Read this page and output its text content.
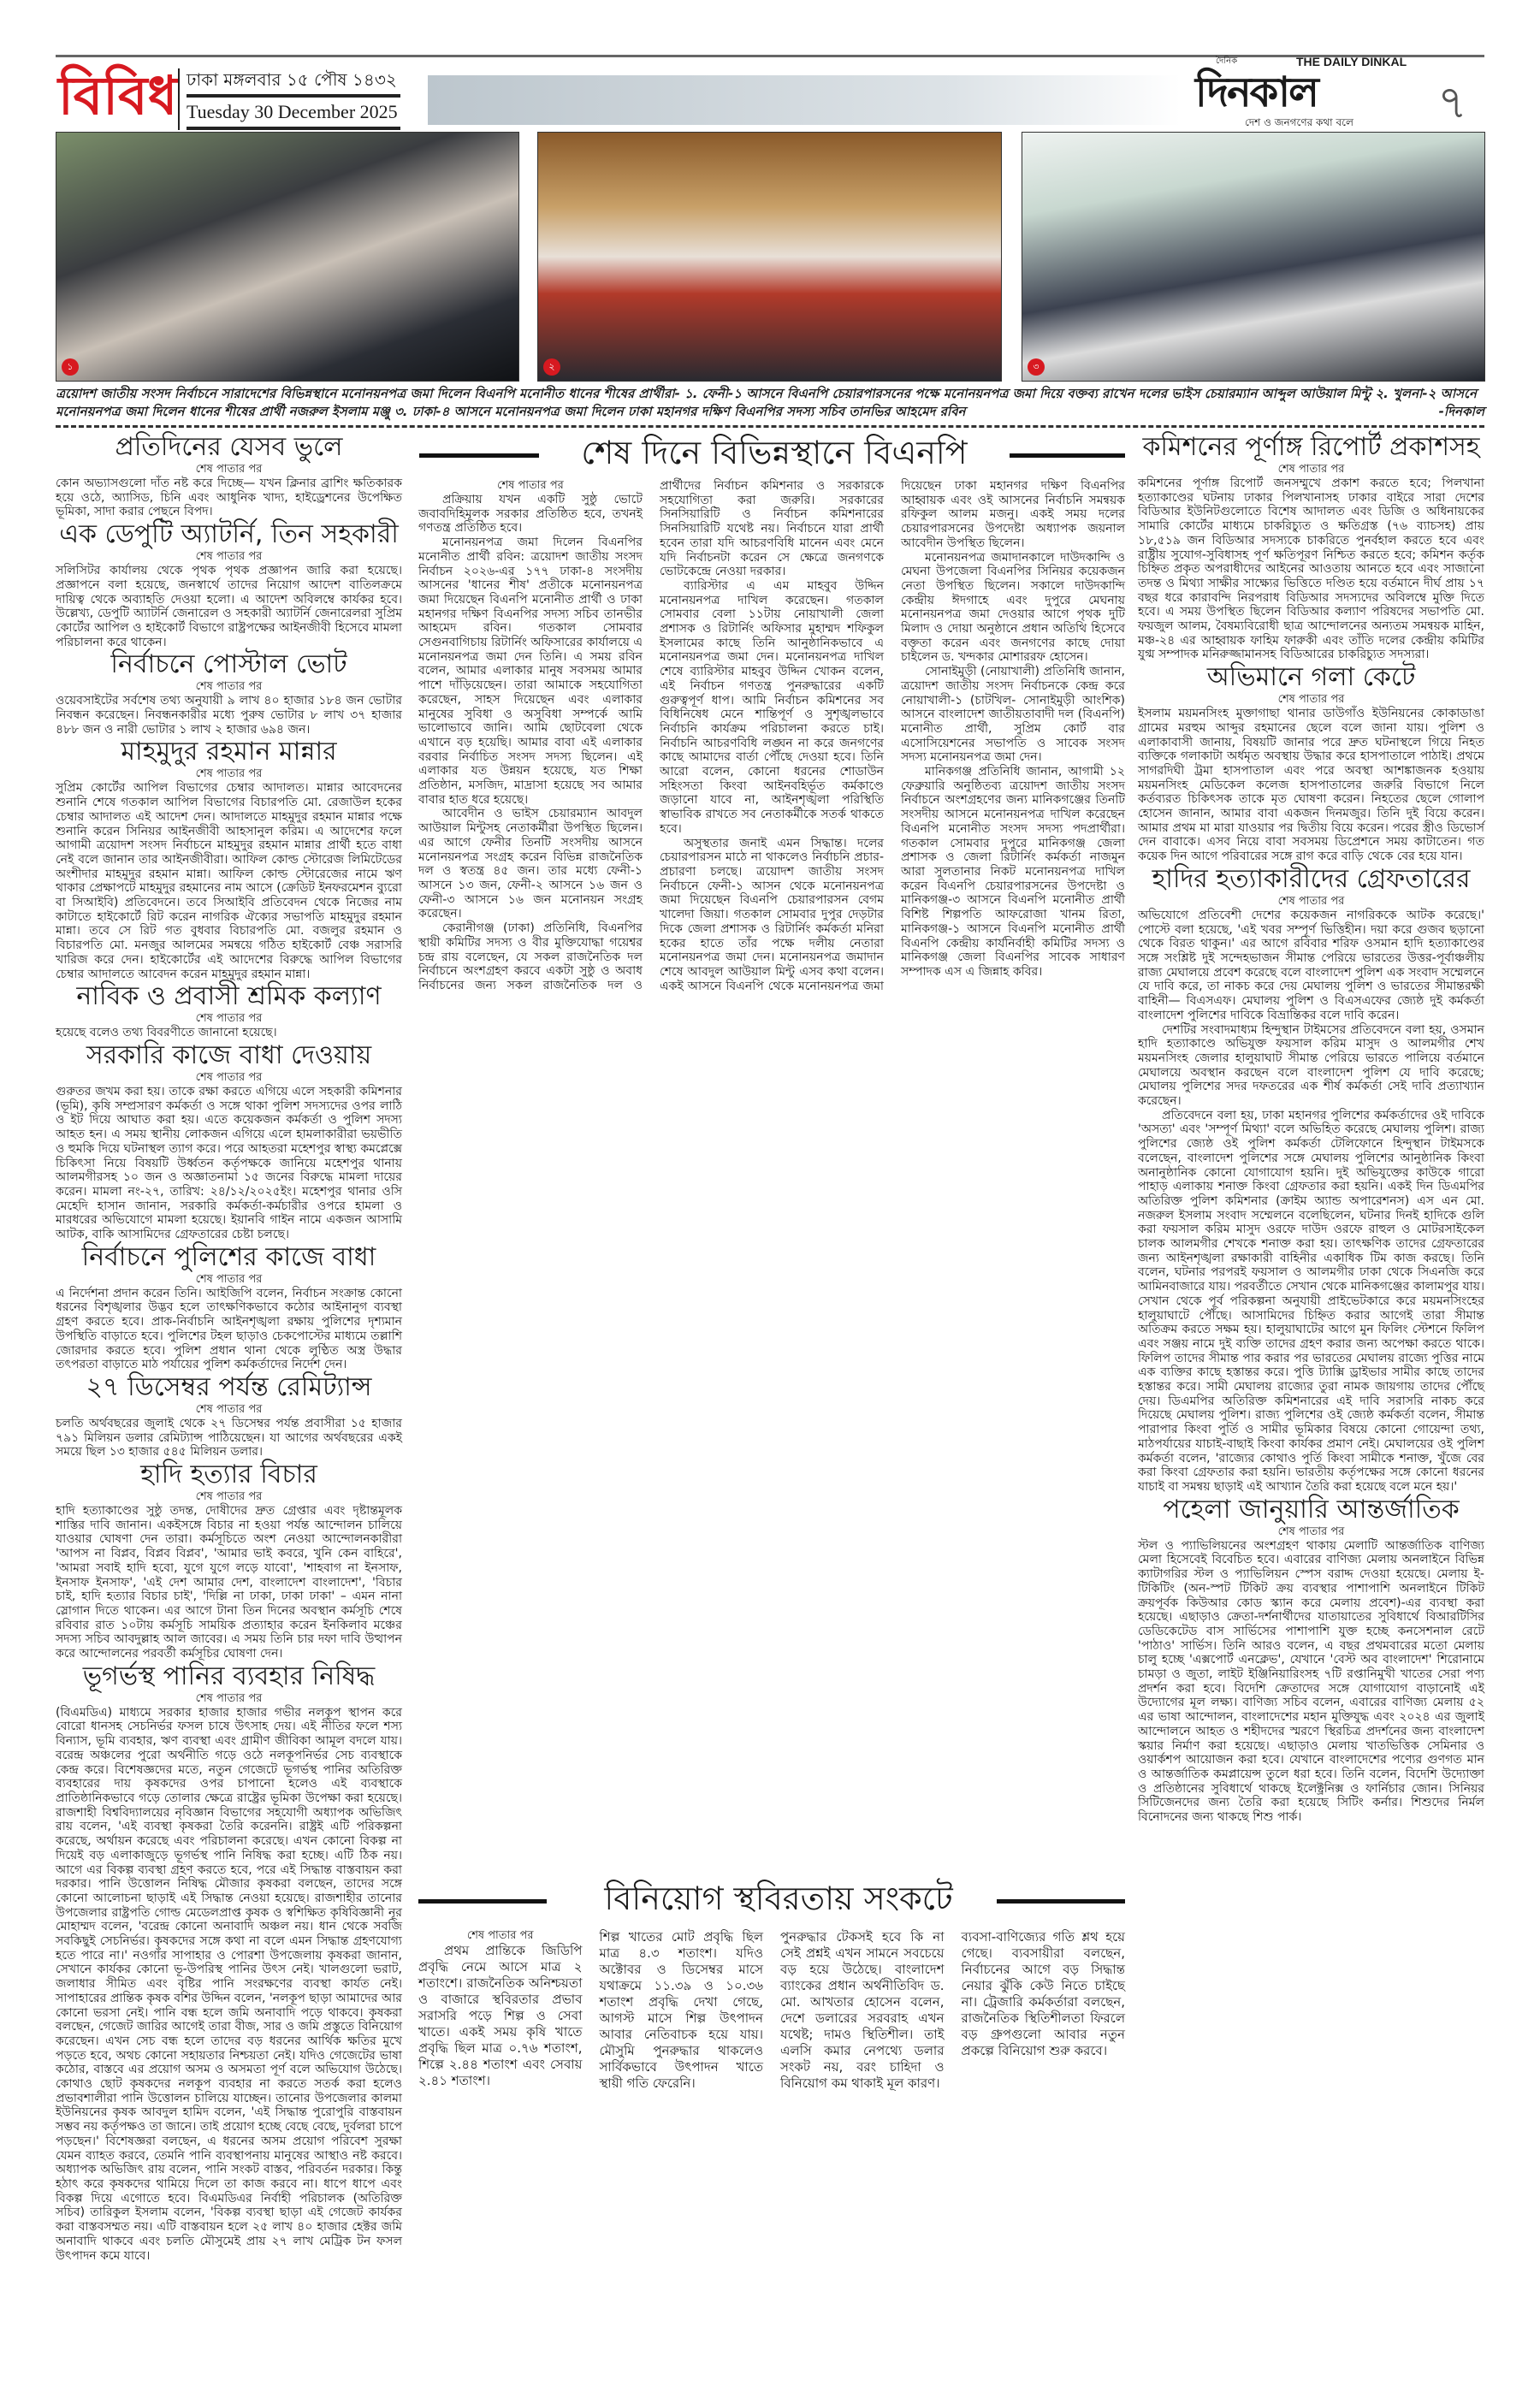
বিবিধ ঢাকা মঙ্গলবার ১৫ পৌষ ১৪৩২
Tuesday 30 December 2025
দৈনিক	THE DAILY DINKAL
দিনকাল
দেশ ও জনগণের কথা বলে ৭
১	২	৩
ত্রয়োদশ জাতীয় সংসদ নির্বাচনে সারাদেশের বিভিন্নস্থানে মনোনয়নপত্র জমা দিলেন বিএনপি মনোনীত ধানের শীষের প্রার্থীরা- ১. ফেনী-১ আসনে বিএনপি চেয়ারপারসনের পক্ষে মনোনয়নপত্র জমা দিয়ে বক্তব্য রাখেন দলের ভাইস চেয়ারম্যান আব্দুল আউয়াল মিন্টু ২. খুলনা-২ আসনে মনোনয়নপত্র জমা দিলেন ধানের শীষের প্রার্থী নজরুল ইসলাম মঞ্জু ৩. ঢাকা-৪ আসনে মনোনয়নপত্র জমা দিলেন ঢাকা মহানগর দক্ষিণ বিএনপির সদস্য সচিব তানভির আহমেদ রবিন	-দিনকাল
প্রতিদিনের যেসব ভুলে
শেষ পাতার পর

কোন অভ্যাসগুলো দাঁত নষ্ট করে দিচ্ছে— যখন ক্লিনার ব্রাশিং ক্ষতিকারক হয়ে ওঠে, অ্যাসিড, চিনি এবং আধুনিক খাদ্য, হাইড্রেশনের উপেক্ষিত ভূমিকা, সাদা করার পেছনে বিপদ।

এক ডেপুটি অ্যাটর্নি, তিন সহকারী
শেষ পাতার পর

সলিসিটর কার্যালয় থেকে পৃথক পৃথক প্রজ্ঞাপন জারি করা হয়েছে। প্রজ্ঞাপনে বলা হয়েছে, জনস্বার্থে তাদের নিয়োগ আদেশ বাতিলক্রমে দায়িত্ব থেকে অব্যাহতি দেওয়া হলো। এ আদেশ অবিলম্বে কার্যকর হবে। উল্লেখ্য, ডেপুটি অ্যাটর্নি জেনারেল ও সহকারী অ্যাটর্নি জেনারেলরা সুপ্রিম কোর্টের আপিল ও হাইকোর্ট বিভাগে রাষ্ট্রপক্ষের আইনজীবী হিসেবে মামলা পরিচালনা করে থাকেন।

নির্বাচনে পোস্টাল ভোট
শেষ পাতার পর

ওয়েবসাইটের সর্বশেষ তথ্য অনুযায়ী ৯ লাখ ৪০ হাজার ১৮৪ জন ভোটার নিবন্ধন করেছেন। নিবন্ধনকারীর মধ্যে পুরুষ ভোটার ৮ লাখ ৩৭ হাজার ৪৮৮ জন ও নারী ভোটার ১ লাখ ২ হাজার ৬৯৪ জন।

মাহমুদুর রহমান মান্নার
শেষ পাতার পর

সুপ্রিম কোর্টের আপিল বিভাগের চেম্বার আদালত। মান্নার আবেদনের শুনানি শেষে গতকাল আপিল বিভাগের বিচারপতি মো. রেজাউল হকের চেম্বার আদালত এই আদেশ দেন। আদালতে মাহমুদুর রহমান মান্নার পক্ষে শুনানি করেন সিনিয়র আইনজীবী আহসানুল করিম। এ আদেশের ফলে আগামী ত্রয়োদশ সংসদ নির্বাচনে মাহমুদুর রহমান মান্নার প্রার্থী হতে বাধা নেই বলে জানান তার আইনজীবীরা। আফিল কোল্ড স্টোরেজ লিমিটেডের অংশীদার মাহমুদুর রহমান মান্না। আফিল কোল্ড স্টোরেজের নামে ঋণ থাকার প্রেক্ষাপটে মাহমুদুর রহমানের নাম আসে (ক্রেডিট ইনফরমেশন ব্যুরো বা সিআইবি) প্রতিবেদনে। তবে সিআইবি প্রতিবেদন থেকে নিজের নাম কাটাতে হাইকোর্টে রিট করেন নাগরিক ঐক্যের সভাপতি মাহমুদুর রহমান মান্না। তবে সে রিট গত বুধবার বিচারপতি মো. বজলুর রহমান ও বিচারপতি মো. মনজুর আলমের সমন্বয়ে গঠিত হাইকোর্ট বেঞ্চ সরাসরি খারিজ করে দেন। হাইকোর্টের এই আদেশের বিরুদ্ধে আপিল বিভাগের চেম্বার আদালতে আবেদন করেন মাহমুদুর রহমান মান্না।

নাবিক ও প্রবাসী শ্রমিক কল্যাণ
শেষ পাতার পর

হয়েছে বলেও তথ্য বিবরণীতে জানানো হয়েছে।

সরকারি কাজে বাধা দেওয়ায়
শেষ পাতার পর

গুরুতর জখম করা হয়। তাকে রক্ষা করতে এগিয়ে এলে সহকারী কমিশনার (ভূমি), কৃষি সম্প্রসারণ কর্মকর্তা ও সঙ্গে থাকা পুলিশ সদস্যদের ওপর লাঠি ও ইট দিয়ে আঘাত করা হয়। এতে কয়েকজন কর্মকর্তা ও পুলিশ সদস্য আহত হন। এ সময় স্থানীয় লোকজন এগিয়ে এলে হামলাকারীরা ভয়ভীতি ও হুমকি দিয়ে ঘটনাস্থল ত্যাগ করে। পরে আহতরা মহেশপুর স্বাস্থ্য কমপ্লেক্সে চিকিৎসা নিয়ে বিষয়টি উর্ধ্বতন কর্তৃপক্ষকে জানিয়ে মহেশপুর থানায় আলমগীরসহ ১০ জন ও অজ্ঞাতনামা ১৫ জনের বিরুদ্ধে মামলা দায়ের করেন। মামলা নং-২৭, তারিখ: ২৪/১২/২০২৫ইং। মহেশপুর থানার ওসি মেহেদি হাসান জানান, সরকারি কর্মকর্তা-কর্মচারীর ওপরে হামলা ও মারধরের অভিযোগে মামলা হয়েছে। ইয়ানবি গাইন নামে একজন আসামি আটক, বাকি আসামিদের গ্রেফতারের চেষ্টা চলছে।

নির্বাচনে পুলিশের কাজে বাধা
শেষ পাতার পর

এ নির্দেশনা প্রদান করেন তিনি। আইজিপি বলেন, নির্বাচন সংক্রান্ত কোনো ধরনের বিশৃঙ্খলার উদ্ভব হলে তাৎক্ষণিকভাবে কঠোর আইনানুগ ব্যবস্থা গ্রহণ করতে হবে। প্রাক-নির্বাচনি আইনশৃঙ্খলা রক্ষায় পুলিশের দৃশ্যমান উপস্থিতি বাড়াতে হবে। পুলিশের টহল ছাড়াও চেকপোস্টের মাধ্যমে তল্লাশি জোরদার করতে হবে। পুলিশ প্রধান থানা থেকে লুণ্ঠিত অস্ত্র উদ্ধার তৎপরতা বাড়াতে মাঠ পর্যায়ের পুলিশ কর্মকর্তাদের নির্দেশ দেন।

২৭ ডিসেম্বর পর্যন্ত রেমিট্যান্স
শেষ পাতার পর

চলতি অর্থবছরের জুলাই থেকে ২৭ ডিসেম্বর পর্যন্ত প্রবাসীরা ১৫ হাজার ৭৯১ মিলিয়ন ডলার রেমিট্যান্স পাঠিয়েছেন। যা আগের অর্থবছরের একই সময়ে ছিল ১৩ হাজার ৫৪৫ মিলিয়ন ডলার।

হাদি হত্যার বিচার
শেষ পাতার পর

হাদি হত্যাকাণ্ডের সুষ্ঠু তদন্ত, দোষীদের দ্রুত গ্রেপ্তার এবং দৃষ্টান্তমূলক শাস্তির দাবি জানান। একইসঙ্গে বিচার না হওয়া পর্যন্ত আন্দোলন চালিয়ে যাওয়ার ঘোষণা দেন তারা। কর্মসূচিতে অংশ নেওয়া আন্দোলনকারীরা 'আপস না বিপ্লব, বিপ্লব বিপ্লব', 'আমার ভাই কবরে, খুনি কেন বাহিরে', 'আমরা সবাই হাদি হবো, যুগে যুগে লড়ে যাবো', 'শাহবাগ না ইনসাফ, ইনসাফ ইনসাফ', 'এই দেশ আমার দেশ, বাংলাদেশ বাংলাদেশ', 'বিচার চাই, হাদি হত্যার বিচার চাই', 'দিল্লি না ঢাকা, ঢাকা ঢাকা' – এমন নানা স্লোগান দিতে থাকেন। এর আগে টানা তিন দিনের অবস্থান কর্মসূচি শেষে রবিবার রাত ১০টায় কর্মসূচি সাময়িক প্রত্যাহার করেন ইনকিলাব মঞ্চের সদস্য সচিব আবদুল্লাহ আল জাবের। এ সময় তিনি চার দফা দাবি উত্থাপন করে আন্দোলনের পরবর্তী কর্মসূচির ঘোষণা দেন।

ভূগর্ভস্থ পানির ব্যবহার নিষিদ্ধ
শেষ পাতার পর

(বিএমডিএ) মাধ্যমে সরকার হাজার হাজার গভীর নলকূপ স্থাপন করে বোরো ধানসহ সেচনির্ভর ফসল চাষে উৎসাহ দেয়। এই নীতির ফলে শস্য বিন্যাস, ভূমি ব্যবহার, ঋণ ব্যবস্থা এবং গ্রামীণ জীবিকা আমূল বদলে যায়। বরেন্দ্র অঞ্চলের পুরো অর্থনীতি গড়ে ওঠে নলকূপনির্ভর সেচ ব্যবস্থাকে কেন্দ্র করে। বিশেষজ্ঞদের মতে, নতুন গেজেটে ভূগর্ভস্থ পানির অতিরিক্ত ব্যবহারের দায় কৃষকদের ওপর চাপানো হলেও এই ব্যবস্থাকে প্রাতিষ্ঠানিকভাবে গড়ে তোলার ক্ষেত্রে রাষ্ট্রের ভূমিকা উপেক্ষা করা হয়েছে। রাজশাহী বিশ্ববিদ্যালয়ের নৃবিজ্ঞান বিভাগের সহযোগী অধ্যাপক অভিজিৎ রায় বলেন, 'এই ব্যবস্থা কৃষকরা তৈরি করেননি। রাষ্ট্রই এটি পরিকল্পনা করেছে, অর্থায়ন করেছে এবং পরিচালনা করেছে। এখন কোনো বিকল্প না দিয়েই বড় এলাকাজুড়ে ভূগর্ভস্থ পানি নিষিদ্ধ করা হচ্ছে। এটি ঠিক নয়। আগে এর বিকল্প ব্যবস্থা গ্রহণ করতে হবে, পরে এই সিদ্ধান্ত বাস্তবায়ন করা দরকার। পানি উত্তোলন নিষিদ্ধ মৌজার কৃষকরা বলছেন, তাদের সঙ্গে কোনো আলোচনা ছাড়াই এই সিদ্ধান্ত নেওয়া হয়েছে। রাজশাহীর তানোর উপজেলার রাষ্ট্রপতি গোল্ড মেডেলপ্রাপ্ত কৃষক ও স্বশিক্ষিত কৃষিবিজ্ঞানী নূর মোহাম্মদ বলেন, 'বরেন্দ্র কোনো অনাবাদি অঞ্চল নয়। ধান থেকে সবজি সবকিছুই সেচনির্ভর। কৃষকদের সঙ্গে কথা না বলে এমন সিদ্ধান্ত গ্রহণযোগ্য হতে পারে না।' নওগাঁর সাপাহার ও পোরশা উপজেলায় কৃষকরা জানান, সেখানে কার্যকর কোনো ভূ-উপরিস্থ পানির উৎস নেই। খালগুলো ভরাট, জলাধার সীমিত এবং বৃষ্টির পানি সংরক্ষণের ব্যবস্থা কার্যত নেই। সাপাহারের প্রান্তিক কৃষক বশির উদ্দিন বলেন, 'নলকূপ ছাড়া আমাদের আর কোনো ভরসা নেই। পানি বন্ধ হলে জমি অনাবাদি পড়ে থাকবে। কৃষকরা বলছেন, গেজেট জারির আগেই তারা বীজ, সার ও জমি প্রস্তুতে বিনিয়োগ করেছেন। এখন সেচ বন্ধ হলে তাদের বড় ধরনের আর্থিক ক্ষতির মুখে পড়তে হবে, অথচ কোনো সহায়তার নিশ্চয়তা নেই। যদিও গেজেটের ভাষা কঠোর, বাস্তবে এর প্রয়োগ অসম ও অসমতা পূর্ণ বলে অভিযোগ উঠেছে। কোথাও ছোট কৃষকদের নলকূপ ব্যবহার না করতে সতর্ক করা হলেও প্রভাবশালীরা পানি উত্তোলন চালিয়ে যাচ্ছেন। তানোর উপজেলার কালমা ইউনিয়নের কৃষক আবদুল হামিদ বলেন, 'এই সিদ্ধান্ত পুরোপুরি বাস্তবায়ন সম্ভব নয় কর্তৃপক্ষও তা জানে। তাই প্রয়োগ হচ্ছে বেছে বেছে, দুর্বলরা চাপে পড়ছেন।' বিশেষজ্ঞরা বলছেন, এ ধরনের অসম প্রয়োগ পরিবেশ সুরক্ষা যেমন ব্যাহত করবে, তেমনি পানি ব্যবস্থাপনায় মানুষের আস্থাও নষ্ট করবে। অধ্যাপক অভিজিৎ রায় বলেন, পানি সংকট বাস্তব, পরিবর্তন দরকার। কিন্তু হঠাৎ করে কৃষকদের থামিয়ে দিলে তা কাজ করবে না। ধাপে ধাপে এবং বিকল্প দিয়ে এগোতে হবে। বিএমডিএর নির্বাহী পরিচালক (অতিরিক্ত সচিব) তারিকুল ইসলাম বলেন, 'বিকল্প ব্যবস্থা ছাড়া এই গেজেট কার্যকর করা বাস্তবসম্মত নয়। এটি বাস্তবায়ন হলে ২৫ লাখ ৪০ হাজার হেক্টর জমি অনাবাদি থাকবে এবং চলতি মৌসুমেই প্রায় ২৭ লাখ মেট্রিক টন ফসল উৎপাদন কমে যাবে।

শেষ দিনে বিভিন্নস্থানে বিএনপি
শেষ পাতার পর

প্রক্রিয়ায় যখন একটি সুষ্ঠু ভোটে জবাবদিহিমূলক সরকার প্রতিষ্ঠিত হবে, তখনই গণতন্ত্র প্রতিষ্ঠিত হবে।

মনোনয়নপত্র জমা দিলেন বিএনপির মনোনীত প্রার্থী রবিন: ত্রয়োদশ জাতীয় সংসদ নির্বাচন ২০২৬-এর ১৭৭ ঢাকা-৪ সংসদীয় আসনের 'ধানের শীষ' প্রতীকে মনোনয়নপত্র জমা দিয়েছেন বিএনপি মনোনীত প্রার্থী ও ঢাকা মহানগর দক্ষিণ বিএনপির সদস্য সচিব তানভীর আহমেদ রবিন। গতকাল সোমবার সেগুনবাগিচায় রিটার্নিং অফিসারের কার্যালয়ে এ মনোনয়নপত্র জমা দেন তিনি। এ সময় রবিন বলেন, আমার এলাকার মানুষ সবসময় আমার পাশে দাঁড়িয়েছেন। তারা আমাকে সহযোগিতা করেছেন, সাহস দিয়েছেন এবং এলাকার মানুষের সুবিধা ও অসুবিধা সম্পর্কে আমি ভালোভাবে জানি। আমি ছোটবেলা থেকে এখানে বড় হয়েছি। আমার বাবা এই এলাকার বরবার নির্বাচিত সংসদ সদস্য ছিলেন। এই এলাকার যত উন্নয়ন হয়েছে, যত শিক্ষা প্রতিষ্ঠান, মসজিদ, মাদ্রাসা হয়েছে সব আমার বাবার হাত ধরে হয়েছে।

আবেদীন ও ভাইস চেয়ারম্যান আবদুল আউয়াল মিন্টুসহ নেতাকর্মীরা উপস্থিত ছিলেন। এর আগে ফেনীর তিনটি সংসদীয় আসনে মনোনয়নপত্র সংগ্রহ করেন বিভিন্ন রাজনৈতিক দল ও স্বতন্ত্র ৪৫ জন। তার মধ্যে ফেনী-১ আসনে ১৩ জন, ফেনী-২ আসনে ১৬ জন ও ফেনী-৩ আসনে ১৬ জন মনোনয়ন সংগ্রহ করেছেন।

কেরানীগঞ্জ (ঢাকা) প্রতিনিধি, বিএনপির স্থায়ী কমিটির সদস্য ও বীর মুক্তিযোদ্ধা গয়েশ্বর চন্দ্র রায় বলেছেন, যে সকল রাজনৈতিক দল নির্বাচনে অংশগ্রহণ করবে একটা সুষ্ঠু ও অবাধ নির্বাচনের জন্য সকল রাজনৈতিক দল ও প্রার্থীদের নির্বাচন কমিশনার ও সরকারকে সহযোগিতা করা জরুরি। সরকারের সিনসিয়ারিটি ও নির্বাচন কমিশনারের সিনসিয়ারিটি যথেষ্ট নয়। নির্বাচনে যারা প্রার্থী হবেন তারা যদি আচরণবিধি মানেন এবং মেনে যদি নির্বাচনটা করেন সে ক্ষেত্রে জনগণকে ভোটকেন্দ্রে নেওয়া দরকার।

ব্যারিস্টার এ এম মাহবুব উদ্দিন মনোনয়নপত্র দাখিল করেছেন। গতকাল সোমবার বেলা ১১টায় নোয়াখালী জেলা প্রশাসক ও রিটার্নিং অফিসার মুহাম্মদ শফিকুল ইসলামের কাছে তিনি আনুষ্ঠানিকভাবে এ মনোনয়নপত্র জমা দেন। মনোনয়নপত্র দাখিল শেষে ব্যারিস্টার মাহবুব উদ্দিন খোকন বলেন, এই নির্বাচন গণতন্ত্র পুনরুদ্ধারের একটি গুরুত্বপূর্ণ ধাপ। আমি নির্বাচন কমিশনের সব বিধিনিষেধ মেনে শান্তিপূর্ণ ও সুশৃঙ্খলভাবে নির্বাচনি কার্যক্রম পরিচালনা করতে চাই। নির্বাচনি আচরণবিধি লঙ্ঘন না করে জনগণের কাছে আমাদের বার্তা পৌঁছে দেওয়া হবে। তিনি আরো বলেন, কোনো ধরনের শোডাউন সহিংসতা কিংবা আইনবহির্ভূত কর্মকাণ্ডে জড়ানো যাবে না, আইনশৃঙ্খলা পরিস্থিতি স্বাভাবিক রাখতে সব নেতাকর্মীকে সতর্ক থাকতে হবে।

অসুস্থতার জনাই এমন সিদ্ধান্ত। দলের চেয়ারপারসন মাঠে না থাকলেও নির্বাচনি প্রচার-প্রচারণা চলছে। ত্রয়োদশ জাতীয় সংসদ নির্বাচনে ফেনী-১ আসন থেকে মনোনয়নপত্র জমা দিয়েছেন বিএনপি চেয়ারপারসন বেগম খালেদা জিয়া। গতকাল সোমবার দুপুর দেড়টার দিকে জেলা প্রশাসক ও রিটার্নিং কর্মকর্তা মনিরা হকের হাতে তাঁর পক্ষে দলীয় নেতারা মনোনয়নপত্র জমা দেন। মনোনয়নপত্র জমাদান শেষে আবদুল আউয়াল মিন্টু এসব কথা বলেন। একই আসনে বিএনপি থেকে মনোনয়নপত্র জমা দিয়েছেন ঢাকা মহানগর দক্ষিণ বিএনপির আহ্বায়ক এবং ওই আসনের নির্বাচনি সমন্বয়ক রফিকুল আলম মজনু। একই সময় দলের চেয়ারপারসনের উপদেষ্টা অধ্যাপক জয়নাল আবেদীন উপস্থিত ছিলেন।

মনোনয়নপত্র জমাদানকালে দাউদকান্দি ও মেঘনা উপজেলা বিএনপির সিনিয়র কয়েকজন নেতা উপস্থিত ছিলেন। সকালে দাউদকান্দি কেন্দ্রীয় ঈদগাহে এবং দুপুরে মেঘনায় মনোনয়নপত্র জমা দেওয়ার আগে পৃথক দুটি মিলাদ ও দোয়া অনুষ্ঠানে প্রধান অতিথি হিসেবে বক্তৃতা করেন এবং জনগণের কাছে দোয়া চাইলেন ড. খন্দকার মোশাররফ হোসেন।

সোনাইমুড়ী (নোয়াখালী) প্রতিনিধি জানান, ত্রয়োদশ জাতীয় সংসদ নির্বাচনকে কেন্দ্র করে নোয়াখালী-১ (চাটখিল- সোনাইমুড়ী আংশিক) আসনে বাংলাদেশ জাতীয়তাবাদী দল (বিএনপি) মনোনীত প্রার্থী, সুপ্রিম কোর্ট বার এসোসিয়েশনের সভাপতি ও সাবেক সংসদ সদস্য মনোনয়নপত্র জমা দেন।

মানিকগঞ্জ প্রতিনিধি জানান, আগামী ১২ ফেব্রুয়ারি অনুষ্ঠিতব্য ত্রয়োদশ জাতীয় সংসদ নির্বাচনে অংশগ্রহণের জন্য মানিকগঞ্জের তিনটি সংসদীয় আসনে মনোনয়নপত্র দাখিল করেছেন বিএনপি মনোনীত সংসদ সদস্য পদপ্রার্থীরা। গতকাল সোমবার দুপুরে মানিকগঞ্জ জেলা প্রশাসক ও জেলা রিটার্নিং কর্মকর্তা নাজমুন আরা সুলতানার নিকট মনোনয়নপত্র দাখিল করেন বিএনপি চেয়ারপারসনের উপদেষ্টা ও মানিকগঞ্জ-৩ আসনে বিএনপি মনোনীত প্রার্থী বিশিষ্ট শিল্পপতি আফরোজা খানম রিতা, মানিকগঞ্জ-১ আসনে বিএনপি মনোনীত প্রার্থী বিএনপি কেন্দ্রীয় কার্যনির্বাহী কমিটির সদস্য ও মানিকগঞ্জ জেলা বিএনপির সাবেক সাধারণ সম্পাদক এস এ জিন্নাহ কবির।

বিনিয়োগ স্থবিরতায় সংকটে
শেষ পাতার পর

প্রথম প্রান্তিকে জিডিপি প্রবৃদ্ধি নেমে আসে মাত্র ২ শতাংশে। রাজনৈতিক অনিশ্চয়তা ও বাজারে স্থবিরতার প্রভাব সরাসরি পড়ে শিল্প ও সেবা খাতে। একই সময় কৃষি খাতে প্রবৃদ্ধি ছিল মাত্র ০.৭৬ শতাংশ, শিল্পে ২.৪৪ শতাংশ এবং সেবায় ২.৪১ শতাংশ।

শিল্প খাতের মোট প্রবৃদ্ধি ছিল মাত্র ৪.৩ শতাংশ। যদিও অক্টোবর ও ডিসেম্বর মাসে যথাক্রমে ১১.৩৯ ও ১০.৩৬ শতাংশ প্রবৃদ্ধি দেখা গেছে, আগস্ট মাসে শিল্প উৎপাদন আবার নেতিবাচক হয়ে যায়। মৌসুমি পুনরুদ্ধার থাকলেও সার্বিকভাবে উৎপাদন খাতে স্থায়ী গতি ফেরেনি।

পুনরুদ্ধার টেকসই হবে কি না সেই প্রশ্নই এখন সামনে সবচেয়ে বড় হয়ে উঠেছে। বাংলাদেশ ব্যাংকের প্রধান অর্থনীতিবিদ ড. মো. আখতার হোসেন বলেন, দেশে ডলারের সরবরাহ এখন যথেষ্ট; দামও স্থিতিশীল। তাই এলসি কমার নেপথ্যে ডলার সংকট নয়, বরং চাহিদা ও বিনিয়োগ কম থাকাই মূল কারণ।

ব্যবসা-বাণিজ্যের গতি শ্লথ হয়ে গেছে। ব্যবসায়ীরা বলছেন, নির্বাচনের আগে বড় সিদ্ধান্ত নেয়ার ঝুঁকি কেউ নিতে চাইছে না। ট্রেজারি কর্মকর্তারা বলছেন, রাজনৈতিক স্থিতিশীলতা ফিরলে বড় গ্রুপগুলো আবার নতুন প্রকল্পে বিনিয়োগ শুরু করবে।

কমিশনের পূর্ণাঙ্গ রিপোর্ট প্রকাশসহ
শেষ পাতার পর

কমিশনের পূর্ণাঙ্গ রিপোর্ট জনসম্মুখে প্রকাশ করতে হবে; পিলখানা হত্যাকাণ্ডের ঘটনায় ঢাকার পিলখানাসহ ঢাকার বাইরে সারা দেশের বিডিআর ইউনিটগুলোতে বিশেষ আদালত এবং ডিজি ও অধিনায়কের সামারি কোর্টের মাধ্যমে চাকরিচ্যুত ও ক্ষতিগ্রস্ত (৭৬ ব্যাচসহ) প্রায় ১৮,৫১৯ জন বিডিআর সদস্যকে চাকরিতে পুনর্বহাল করতে হবে এবং রাষ্ট্রীয় সুযোগ-সুবিধাসহ পূর্ণ ক্ষতিপূরণ নিশ্চিত করতে হবে; কমিশন কর্তৃক চিহ্নিত প্রকৃত অপরাধীদের আইনের আওতায় আনতে হবে এবং সাজানো তদন্ত ও মিথ্যা সাক্ষীর সাক্ষ্যের ভিত্তিতে দণ্ডিত হয়ে বর্তমানে দীর্ঘ প্রায় ১৭ বছর ধরে কারাবন্দি নিরপরাধ বিডিআর সদস্যদের অবিলম্বে মুক্তি দিতে হবে। এ সময় উপস্থিত ছিলেন বিডিআর কল্যাণ পরিষদের সভাপতি মো. ফয়জুল আলম, বৈষম্যবিরোধী ছাত্র আন্দোলনের অন্যতম সমন্বয়ক মাহিন, মঞ্চ-২৪ এর আহ্বায়ক ফাহিম ফারুকী এবং তাঁতি দলের কেন্দ্রীয় কমিটির যুগ্ম সম্পাদক মনিরুজ্জামানসহ বিডিআরের চাকরিচ্যুত সদস্যরা।

অভিমানে গলা কেটে
শেষ পাতার পর

ইসলাম ময়মনসিংহ মুক্তাগাছা থানার ডাউগাঁও ইউনিয়নের কোকাডাঙা গ্রামের মরহুম আব্দুর রহমানের ছেলে বলে জানা যায়। পুলিশ ও এলাকাবাসী জানায়, বিষয়টি জানার পরে দ্রুত ঘটনাস্থলে গিয়ে নিহত ব্যক্তিকে গলাকাটা অর্ধমৃত অবস্থায় উদ্ধার করে হাসপাতালে পাঠাই। প্রথমে সাগরদিঘী ট্রমা হাসপাতাল এবং পরে অবস্থা আশঙ্কাজনক হওয়ায় ময়মনসিংহ মেডিকেল কলেজ হাসপাতালের জরুরি বিভাগে নিলে কর্তব্যরত চিকিৎসক তাকে মৃত ঘোষণা করেন। নিহতের ছেলে গোলাপ হোসেন জানান, আমার বাবা একজন দিনমজুর। তিনি দুই বিয়ে করেন। আমার প্রথম মা মারা যাওয়ার পর দ্বিতীয় বিয়ে করেন। পরের স্ত্রীও ডিভোর্স দেন বাবাকে। এসব নিয়ে বাবা সবসময় ডিপ্রেশনে সময় কাটাতেন। গত কয়েক দিন আগে পরিবারের সঙ্গে রাগ করে বাড়ি থেকে বের হয়ে যান।

হাদির হত্যাকারীদের গ্রেফতারের
শেষ পাতার পর

অভিযোগে প্রতিবেশী দেশের কয়েকজন নাগরিককে আটক করেছে।' পোস্টে বলা হয়েছে, 'এই খবর সম্পূর্ণ ভিত্তিহীন। দয়া করে গুজব ছড়ানো থেকে বিরত থাকুন।' এর আগে রবিবার শরিফ ওসমান হাদি হত্যাকাণ্ডের সঙ্গে সংশ্লিষ্ট দুই সন্দেহভাজন সীমান্ত পেরিয়ে ভারতের উত্তর-পূর্বাঞ্চলীয় রাজ্য মেঘালয়ে প্রবেশ করেছে বলে বাংলাদেশ পুলিশ এক সংবাদ সম্মেলনে যে দাবি করে, তা নাকচ করে দেয় মেঘালয় পুলিশ ও ভারতের সীমান্তরক্ষী বাহিনী— বিএসএফ। মেঘালয় পুলিশ ও বিএসএফের জ্যেষ্ঠ দুই কর্মকর্তা বাংলাদেশ পুলিশের দাবিকে বিভ্রান্তিকর বলে দাবি করেন।

দেশটির সংবাদমাধ্যম হিন্দুস্থান টাইমসের প্রতিবেদনে বলা হয়, ওসমান হাদি হত্যাকাণ্ডে অভিযুক্ত ফয়সাল করিম মাসুদ ও আলমগীর শেখ ময়মনসিংহ জেলার হালুয়াঘাট সীমান্ত পেরিয়ে ভারতে পালিয়ে বর্তমানে মেঘালয়ে অবস্থান করছেন বলে বাংলাদেশ পুলিশ যে দাবি করেছে; মেঘালয় পুলিশের সদর দফতরের এক শীর্ষ কর্মকর্তা সেই দাবি প্রত্যাখ্যান করেছেন।

প্রতিবেদনে বলা হয়, ঢাকা মহানগর পুলিশের কর্মকর্তাদের ওই দাবিকে 'অসত্য' এবং 'সম্পূর্ণ মিথ্যা' বলে অভিহিত করেছে মেঘালয় পুলিশ। রাজ্য পুলিশের জ্যেষ্ঠ ওই পুলিশ কর্মকর্তা টেলিফোনে হিন্দুস্থান টাইমসকে বলেছেন, বাংলাদেশ পুলিশের সঙ্গে মেঘালয় পুলিশের আনুষ্ঠানিক কিংবা অনানুষ্ঠানিক কোনো যোগাযোগ হয়নি। দুই অভিযুক্তের কাউকে গারো পাহাড় এলাকায় শনাক্ত কিংবা গ্রেফতার করা হয়নি। একই দিন ডিএমপির অতিরিক্ত পুলিশ কমিশনার (ক্রাইম অ্যান্ড অপারেশনস) এস এন মো. নজরুল ইসলাম সংবাদ সম্মেলনে বলেছিলেন, ঘটনার দিনই হাদিকে গুলি করা ফয়সাল করিম মাসুদ ওরফে দাউদ ওরফে রাহুল ও মোটরসাইকেল চালক আলমগীর শেখকে শনাক্ত করা হয়। তাৎক্ষণিক তাদের গ্রেফতারের জন্য আইনশৃঙ্খলা রক্ষাকারী বাহিনীর একাধিক টিম কাজ করছে। তিনি বলেন, ঘটনার পরপরই ফয়সাল ও আলমগীর ঢাকা থেকে সিএনজি করে আমিনবাজারে যায়। পরবর্তীতে সেখান থেকে মানিকগঞ্জের কালামপুর যায়। সেখান থেকে পূর্ব পরিকল্পনা অনুযায়ী প্রাইভেটকারে করে ময়মনসিংহের হালুয়াঘাটে পৌঁছে। আসামিদের চিহ্নিত করার আগেই তারা সীমান্ত অতিক্রম করতে সক্ষম হয়। হালুয়াঘাটের আগে মুন ফিলিং স্টেশনে ফিলিপ এবং সঞ্জয় নামে দুই ব্যক্তি তাদের গ্রহণ করার জন্য অপেক্ষা করতে থাকে। ফিলিপ তাদের সীমান্ত পার করার পর ভারতের মেঘালয় রাজ্যে পুত্তির নামে এক ব্যক্তির কাছে হস্তান্তর করে। পুত্তি ট্যাক্সি ড্রাইভার সামীর কাছে তাদের হস্তান্তর করে। সামী মেঘালয় রাজ্যের তুরা নামক জায়গায় তাদের পৌঁছে দেয়। ডিএমপির অতিরিক্ত কমিশনারের এই দাবি সরাসরি নাকচ করে দিয়েছে মেঘালয় পুলিশ। রাজ্য পুলিশের ওই জ্যেষ্ঠ কর্মকর্তা বলেন, সীমান্ত পারাপার কিংবা পুর্তি ও সামীর ভূমিকার বিষয়ে কোনো গোয়েন্দা তথ্য, মাঠপর্যায়ের যাচাই-বাছাই কিংবা কার্যকর প্রমাণ নেই। মেঘালয়ের ওই পুলিশ কর্মকর্তা বলেন, 'রাজ্যের কোথাও পুর্তি কিংবা সামীকে শনাক্ত, খুঁজে বের করা কিংবা গ্রেফতার করা হয়নি। ভারতীয় কর্তৃপক্ষের সঙ্গে কোনো ধরনের যাচাই বা সমন্বয় ছাড়াই এই আখ্যান তৈরি করা হয়েছে বলে মনে হয়।'

পহেলা জানুয়ারি আন্তর্জাতিক
শেষ পাতার পর

স্টল ও প্যাভিলিয়নের অংশগ্রহণ থাকায় মেলাটি আন্তর্জাতিক বাণিজ্য মেলা হিসেবেই বিবেচিত হবে। এবারের বাণিজ্য মেলায় অনলাইনে বিভিন্ন ক্যাটাগরির স্টল ও প্যাভিলিয়ন স্পেস বরাদ্দ দেওয়া হয়েছে। মেলায় ই-টিকিটিং (অন-স্পট টিকিট ক্রয় ব্যবস্থার পাশাপাশি অনলাইনে টিকিট ক্রয়পূর্বক কিউআর কোড স্ক্যান করে মেলায় প্রবেশ)-এর ব্যবস্থা করা হয়েছে। এছাড়াও ক্রেতা-দর্শনার্থীদের যাতায়াতের সুবিধার্থে বিআরটিসির ডেডিকেটেড বাস সার্ভিসের পাশাপাশি যুক্ত হচ্ছে কনসেশনাল রেটে 'পাঠাও' সার্ভিস। তিনি আরও বলেন, এ বছর প্রথমবারের মতো মেলায় চালু হচ্ছে 'এক্সপোর্ট এনক্লেভ', যেখানে 'বেস্ট অব বাংলাদেশ' শিরোনামে চামড়া ও জুতা, লাইট ইঞ্জিনিয়ারিংসহ ৭টি রপ্তানিমুখী খাতের সেরা পণ্য প্রদর্শন করা হবে। বিদেশি ক্রেতাদের সঙ্গে যোগাযোগ বাড়ানোই এই উদ্যোগের মূল লক্ষ্য। বাণিজ্য সচিব বলেন, এবারের বাণিজ্য মেলায় ৫২ এর ভাষা আন্দোলন, বাংলাদেশের মহান মুক্তিযুদ্ধ এবং ২০২৪ এর জুলাই আন্দোলনে আহত ও শহীদদের স্মরণে স্থিরচিত্র প্রদর্শনের জন্য বাংলাদেশ স্কয়ার নির্মাণ করা হয়েছে। এছাড়াও মেলায় খাতভিত্তিক সেমিনার ও ওয়ার্কশপ আয়োজন করা হবে। যেখানে বাংলাদেশের পণ্যের গুণগত মান ও আন্তর্জাতিক কমপ্লায়েন্স তুলে ধরা হবে। তিনি বলেন, বিদেশি উদ্যোক্তা ও প্রতিষ্ঠানের সুবিধার্থে থাকছে ইলেক্ট্রনিক্স ও ফার্নিচার জোন। সিনিয়র সিটিজেনদের জন্য তৈরি করা হয়েছে সিটিং কর্নার। শিশুদের নির্মল বিনোদনের জন্য থাকছে শিশু পার্ক।
